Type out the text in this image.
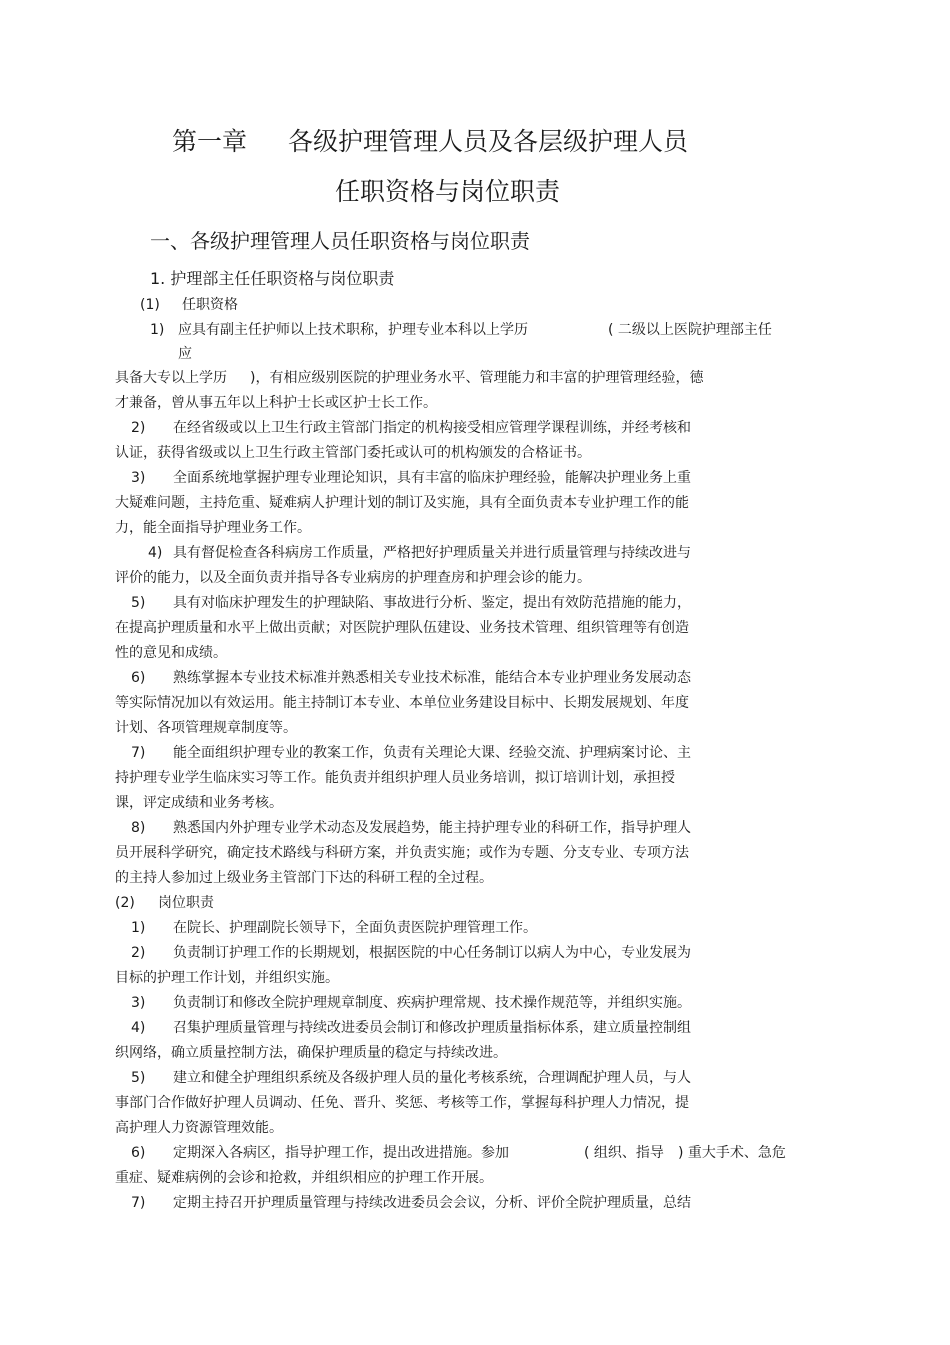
第一章 各级护理管理人员及各层级护理人员
任职资格与岗位职责
一、各级护理管理人员任职资格与岗位职责
1. 护理部主任任职资格与岗位职责
(1) 任职资格
1) 应具有副主任护师以上技术职称，护理专业本科以上学历	( 二级以上医院护理部主任
应
具备大专以上学历 )，有相应级别医院的护理业务水平、管理能力和丰富的护理管理经验，德
才兼备，曾从事五年以上科护士长或区护士长工作。
2) 在经省级或以上卫生行政主管部门指定的机构接受相应管理学课程训练，并经考核和
认证，获得省级或以上卫生行政主管部门委托或认可的机构颁发的合格证书。
3) 全面系统地掌握护理专业理论知识，具有丰富的临床护理经验，能解决护理业务上重
大疑难问题，主持危重、疑难病人护理计划的制订及实施，具有全面负责本专业护理工作的能
力，能全面指导护理业务工作。
4) 具有督促检查各科病房工作质量，严格把好护理质量关并进行质量管理与持续改进与
评价的能力，以及全面负责并指导各专业病房的护理查房和护理会诊的能力。
5) 具有对临床护理发生的护理缺陷、事故进行分析、鉴定，提出有效防范措施的能力，
在提高护理质量和水平上做出贡献；对医院护理队伍建设、业务技术管理、组织管理等有创造
性的意见和成绩。
6) 熟练掌握本专业技术标准并熟悉相关专业技术标准，能结合本专业护理业务发展动态
等实际情况加以有效运用。能主持制订本专业、本单位业务建设目标中、长期发展规划、年度
计划、各项管理规章制度等。
7) 能全面组织护理专业的教案工作，负责有关理论大课、经验交流、护理病案讨论、主
持护理专业学生临床实习等工作。能负责并组织护理人员业务培训，拟订培训计划，承担授
课，评定成绩和业务考核。
8) 熟悉国内外护理专业学术动态及发展趋势，能主持护理专业的科研工作，指导护理人
员开展科学研究，确定技术路线与科研方案，并负责实施；或作为专题、分支专业、专项方法
的主持人参加过上级业务主管部门下达的科研工程的全过程。
(2) 岗位职责
1) 在院长、护理副院长领导下，全面负责医院护理管理工作。
2) 负责制订护理工作的长期规划，根据医院的中心任务制订以病人为中心，专业发展为
目标的护理工作计划，并组织实施。
3) 负责制订和修改全院护理规章制度、疾病护理常规、技术操作规范等，并组织实施。
4) 召集护理质量管理与持续改进委员会制订和修改护理质量指标体系，建立质量控制组
织网络，确立质量控制方法，确保护理质量的稳定与持续改进。
5) 建立和健全护理组织系统及各级护理人员的量化考核系统，合理调配护理人员，与人
事部门合作做好护理人员调动、任免、晋升、奖惩、考核等工作，掌握每科护理人力情况，提
高护理人力资源管理效能。
6) 定期深入各病区，指导护理工作，提出改进措施。参加	( 组织、指导 ) 重大手术、急危
重症、疑难病例的会诊和抢救，并组织相应的护理工作开展。
7) 定期主持召开护理质量管理与持续改进委员会会议，分析、评价全院护理质量，总结
